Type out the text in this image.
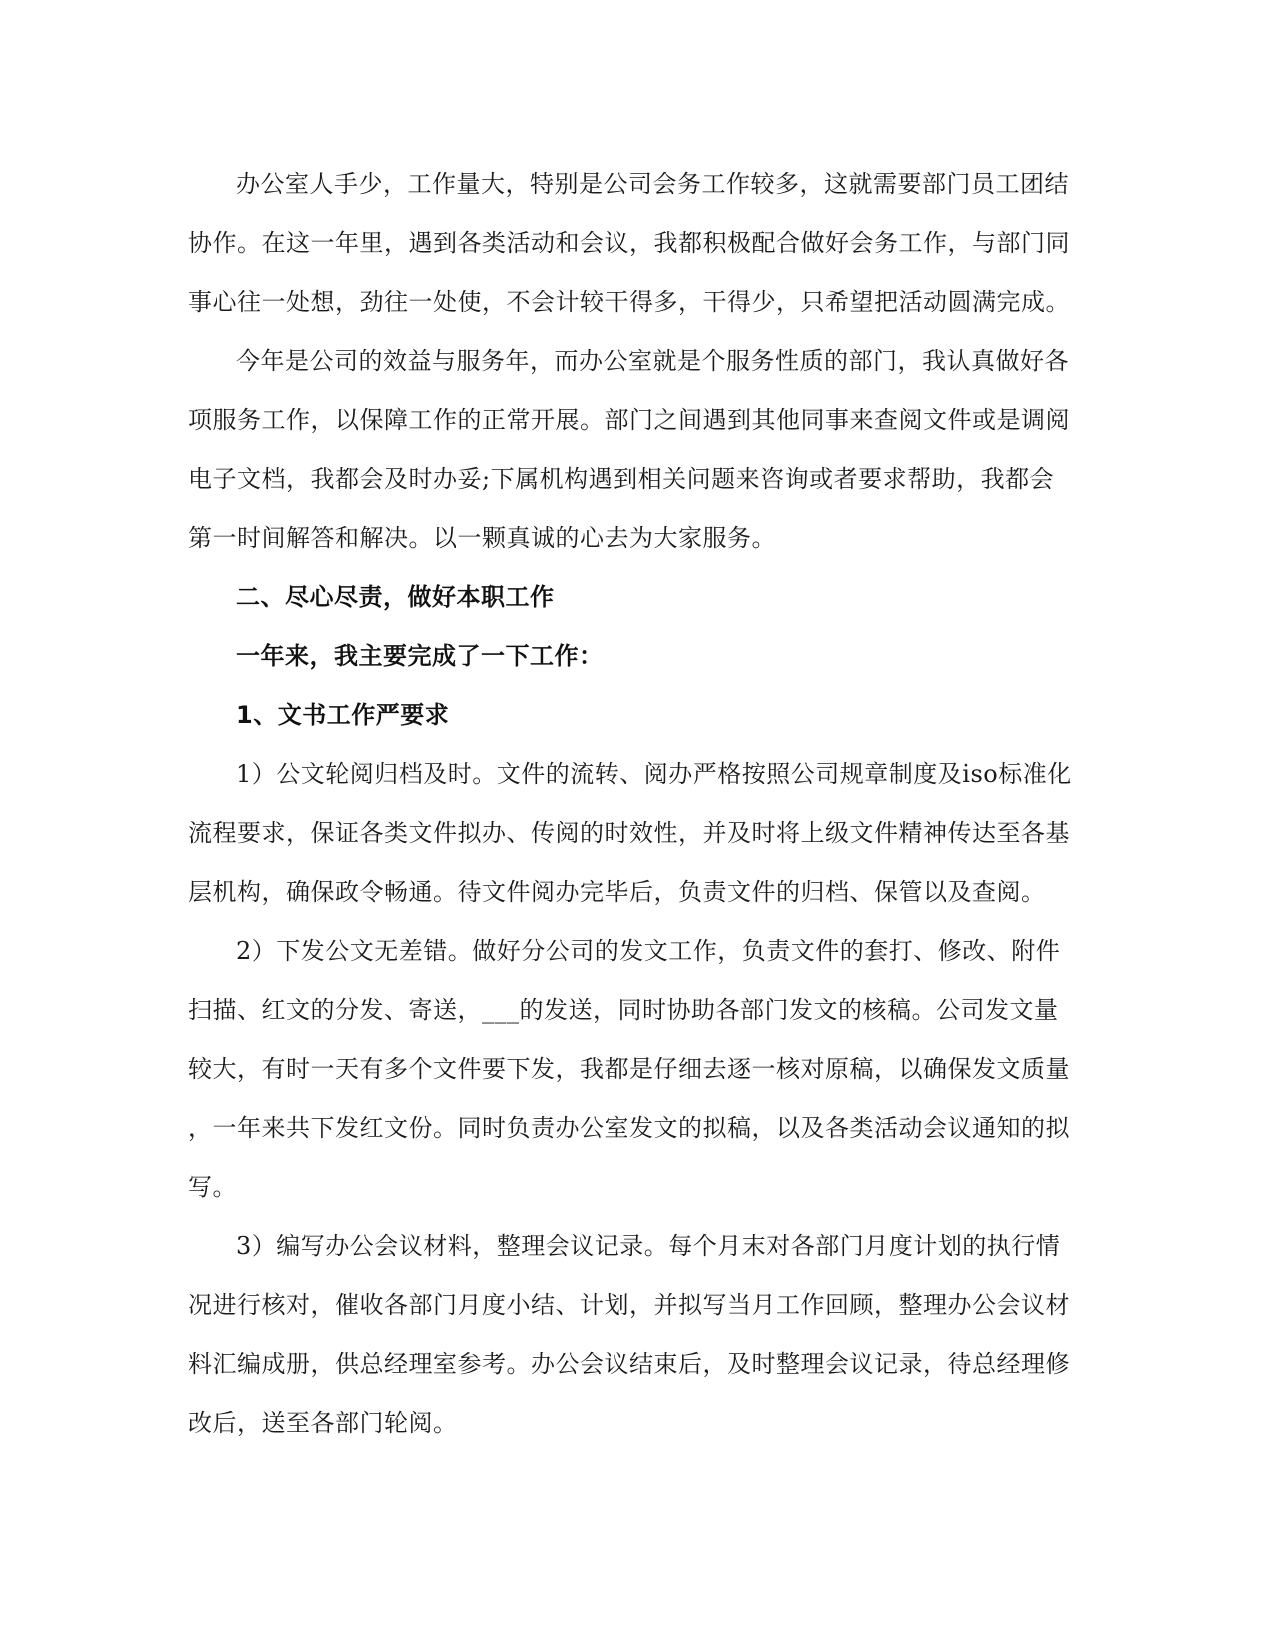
办公室人手少，工作量大，特别是公司会务工作较多，这就需要部门员工团结
协作。在这一年里，遇到各类活动和会议，我都积极配合做好会务工作，与部门同
事心往一处想，劲往一处使，不会计较干得多，干得少，只希望把活动圆满完成。
今年是公司的效益与服务年，而办公室就是个服务性质的部门，我认真做好各
项服务工作，以保障工作的正常开展。部门之间遇到其他同事来查阅文件或是调阅
电子文档，我都会及时办妥;下属机构遇到相关问题来咨询或者要求帮助，我都会
第一时间解答和解决。以一颗真诚的心去为大家服务。
二、尽心尽责，做好本职工作
一年来，我主要完成了一下工作：
1、文书工作严要求
1）公文轮阅归档及时。文件的流转、阅办严格按照公司规章制度及iso标准化
流程要求，保证各类文件拟办、传阅的时效性，并及时将上级文件精神传达至各基
层机构，确保政令畅通。待文件阅办完毕后，负责文件的归档、保管以及查阅。
2）下发公文无差错。做好分公司的发文工作，负责文件的套打、修改、附件
扫描、红文的分发、寄送，___的发送，同时协助各部门发文的核稿。公司发文量
较大，有时一天有多个文件要下发，我都是仔细去逐一核对原稿，以确保发文质量
，一年来共下发红文份。同时负责办公室发文的拟稿，以及各类活动会议通知的拟
写。
3）编写办公会议材料，整理会议记录。每个月末对各部门月度计划的执行情
况进行核对，催收各部门月度小结、计划，并拟写当月工作回顾，整理办公会议材
料汇编成册，供总经理室参考。办公会议结束后，及时整理会议记录，待总经理修
改后，送至各部门轮阅。
